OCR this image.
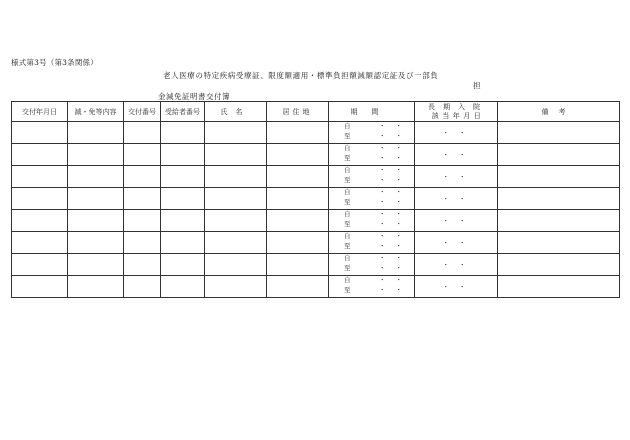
様式第3号（第3条関係）
老人医療の特定疾病受療証、限度額適用・標準負担額減額認定証及び一部負
担
金減免証明書交付簿
交付年月日	減・免等内容	交付番号	受給者番号	氏名	居住地	期間	長期入院
該当年月日	備考

						自 ・・
至 ・・	・・	

						自 ・・
至 ・・	・・	

						自 ・・
至 ・・	・・	

						自 ・・
至 ・・	・・	

						自 ・・
至 ・・	・・	

						自 ・・
至 ・・	・・	

						自 ・・
至 ・・	・・	

						自 ・・
至 ・・	・・	
